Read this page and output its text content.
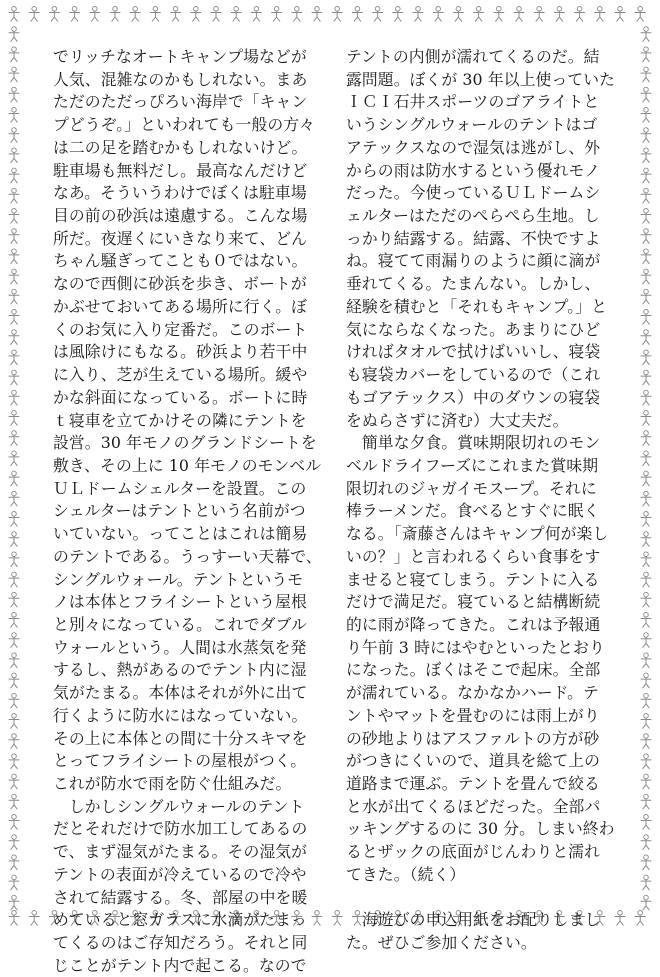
でリッチなオートキャンプ場などが

人気、混雑なのかもしれない。まあ

ただのただっぴろい海岸で「キャン

プどうぞ。」といわれても一般の方々

は二の足を踏むかもしれないけど。

駐車場も無料だし。最高なんだけど

なあ。そういうわけでぼくは駐車場

目の前の砂浜は遠慮する。こんな場

所だ。夜遅くにいきなり来て、どん

ちゃん騒ぎってことも０ではない。

なので西側に砂浜を歩き、ボートが

かぶせておいてある場所に行く。ぼ

くのお気に入り定番だ。このボート

は風除けにもなる。砂浜より若干中

に入り、芝が生えている場所。緩や

かな斜面になっている。ボートに時

ｔ寝車を立てかけその隣にテントを

設営。30 年モノのグランドシートを

敷き、その上に 10 年モノのモンベル

ＵＬドームシェルターを設置。この

シェルターはテントという名前がつ

いていない。ってことはこれは簡易

のテントである。うっすーい天幕で、

シングルウォール。テントというモ

ノは本体とフライシートという屋根

と別々になっている。これでダブル

ウォールという。人間は水蒸気を発

するし、熱があるのでテント内に湿

気がたまる。本体はそれが外に出て

行くように防水にはなっていない。

その上に本体との間に十分スキマを

とってフライシートの屋根がつく。

これが防水で雨を防ぐ仕組みだ。

　しかしシングルウォールのテント

だとそれだけで防水加工してあるの

で、まず湿気がたまる。その湿気が

テントの表面が冷えているので冷や

されて結露する。冬、部屋の中を暖

めていると窓ガラスに水滴がたまっ

てくるのはご存知だろう。それと同

じことがテント内で起こる。なので

テントの内側が濡れてくるのだ。結

露問題。ぼくが 30 年以上使っていた

ＩＣＩ石井スポーツのゴアライトと

いうシングルウォールのテントはゴ

アテックスなので湿気は逃がし、外

からの雨は防水するという優れモノ

だった。今使っているＵＬドームシ

ェルターはただのぺらぺら生地。し

っかり結露する。結露、不快ですよ

ね。寝てて雨漏りのように顔に滴が

垂れてくる。たまんない。しかし、

経験を積むと「それもキャンプ。」と

気にならなくなった。あまりにひど

ければタオルで拭けばいいし、寝袋

も寝袋カバーをしているので（これ

もゴアテックス）中のダウンの寝袋

をぬらさずに済む）大丈夫だ。

　簡単な夕食。賞味期限切れのモン

ベルドライフーズにこれまた賞味期

限切れのジャガイモスープ。それに

棒ラーメンだ。食べるとすぐに眠く

なる。「斎藤さんはキャンプ何が楽し

いの？」と言われるくらい食事をす

ませると寝てしまう。テントに入る

だけで満足だ。寝ていると結構断続

的に雨が降ってきた。これは予報通

り午前 3 時にはやむといったとおり

になった。ぼくはそこで起床。全部

が濡れている。なかなかハード。テ

ントやマットを畳むのには雨上がり

の砂地よりはアスファルトの方が砂

がつきにくいので、道具を総て上の

道路まで運ぶ。テントを畳んで絞る

と水が出てくるほどだった。全部パ

ッキングするのに 30 分。しまい終わ

るとザックの底面がじんわりと濡れ

てきた。（続く）

　海遊びの申込用紙をお配りしまし

た。ぜひご参加ください。
